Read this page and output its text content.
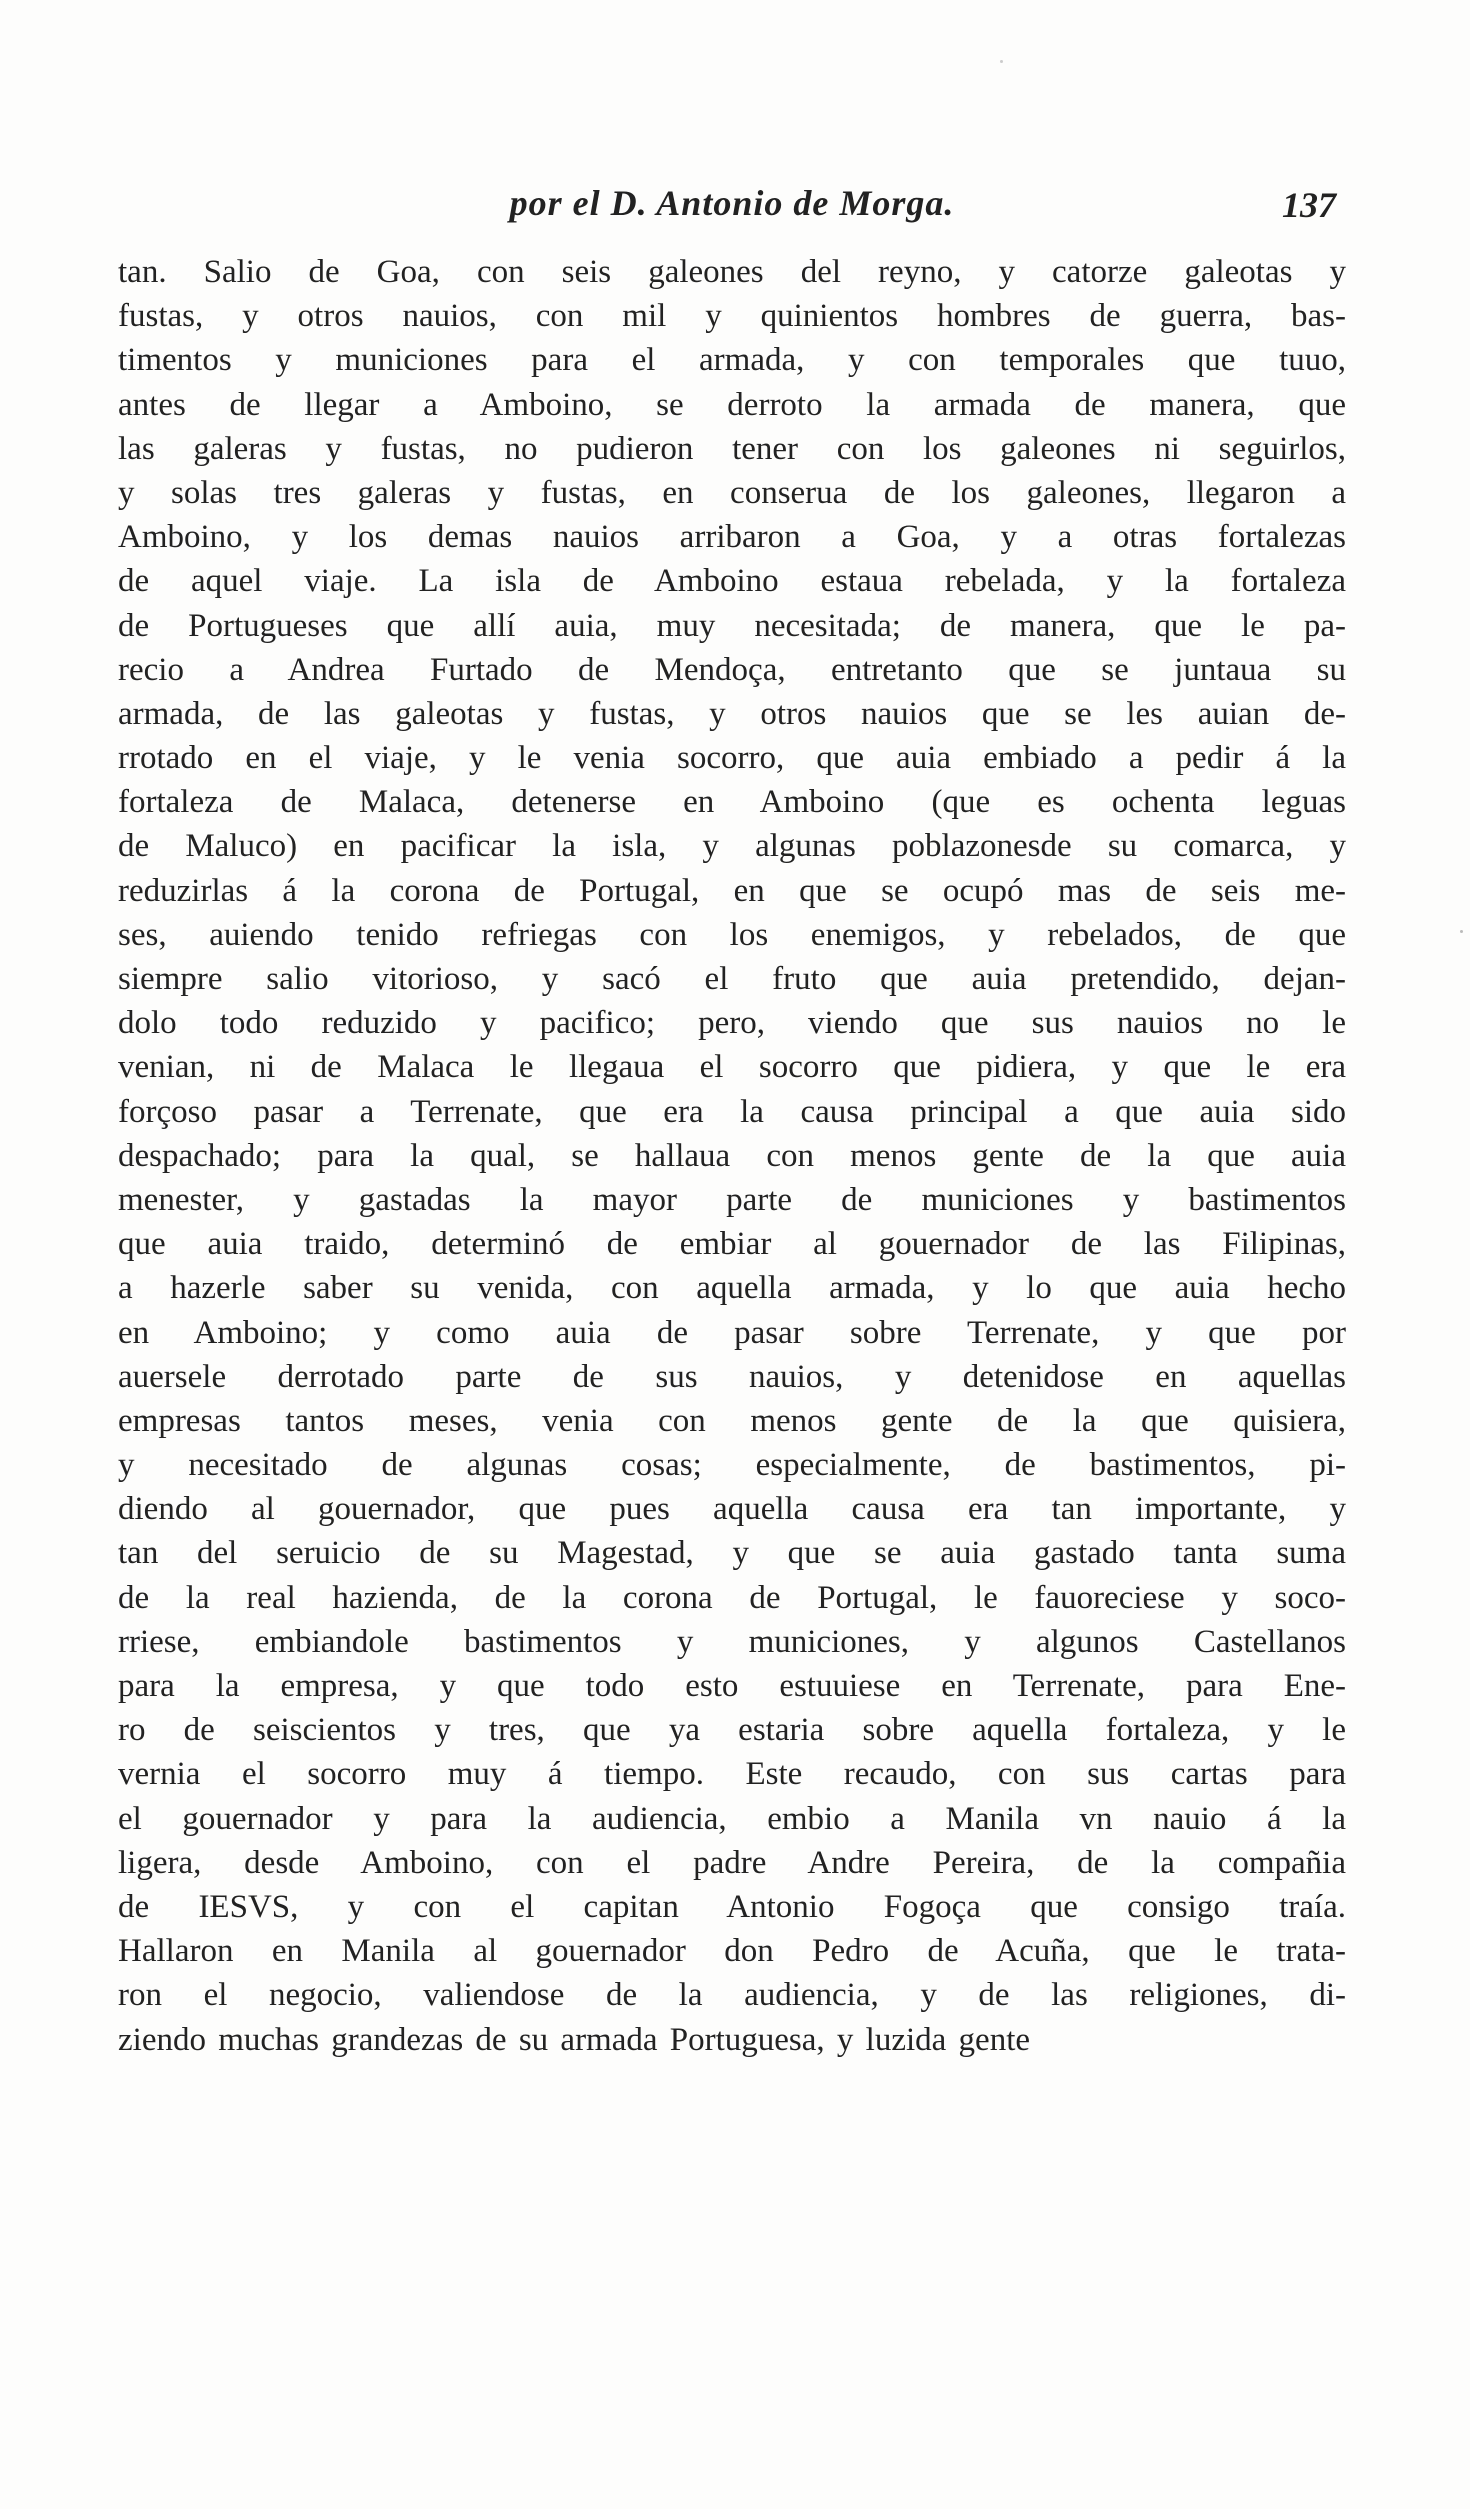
por el D. Antonio de Morga.	137
tan. Salio de Goa, con seis galeones del reyno, y catorze galeotas y
fustas, y otros nauios, con mil y quinientos hombres de guerra, bas-
timentos y municiones para el armada, y con temporales que tuuo,
antes de llegar a Amboino, se derroto la armada de manera, que
las galeras y fustas, no pudieron tener con los galeones ni seguirlos,
y solas tres galeras y fustas, en conserua de los galeones, llegaron a
Amboino, y los demas nauios arribaron a Goa, y a otras fortalezas
de aquel viaje. La isla de Amboino estaua rebelada, y la fortaleza
de Portugueses que allí auia, muy necesitada; de manera, que le pa-
recio a Andrea Furtado de Mendoça, entretanto que se juntaua su
armada, de las galeotas y fustas, y otros nauios que se les auian de-
rrotado en el viaje, y le venia socorro, que auia embiado a pedir á la
fortaleza de Malaca, detenerse en Amboino (que es ochenta leguas
de Maluco) en pacificar la isla, y algunas poblazonesde su comarca, y
reduzirlas á la corona de Portugal, en que se ocupó mas de seis me-
ses, auiendo tenido refriegas con los enemigos, y rebelados, de que
siempre salio vitorioso, y sacó el fruto que auia pretendido, dejan-
dolo todo reduzido y pacifico; pero, viendo que sus nauios no le
venian, ni de Malaca le llegaua el socorro que pidiera, y que le era
forçoso pasar a Terrenate, que era la causa principal a que auia sido
despachado; para la qual, se hallaua con menos gente de la que auia
menester, y gastadas la mayor parte de municiones y bastimentos
que auia traido, determinó de embiar al gouernador de las Filipinas,
a hazerle saber su venida, con aquella armada, y lo que auia hecho
en Amboino; y como auia de pasar sobre Terrenate, y que por
auersele derrotado parte de sus nauios, y detenidose en aquellas
empresas tantos meses, venia con menos gente de la que quisiera,
y necesitado de algunas cosas; especialmente, de bastimentos, pi-
diendo al gouernador, que pues aquella causa era tan importante, y
tan del seruicio de su Magestad, y que se auia gastado tanta suma
de la real hazienda, de la corona de Portugal, le fauoreciese y soco-
rriese, embiandole bastimentos y municiones, y algunos Castellanos
para la empresa, y que todo esto estuuiese en Terrenate, para Ene-
ro de seiscientos y tres, que ya estaria sobre aquella fortaleza, y le
vernia el socorro muy á tiempo. Este recaudo, con sus cartas para
el gouernador y para la audiencia, embio a Manila vn nauio á la
ligera, desde Amboino, con el padre Andre Pereira, de la compañia
de IESVS, y con el capitan Antonio Fogoça que consigo traía.
Hallaron en Manila al gouernador don Pedro de Acuña, que le trata-
ron el negocio, valiendose de la audiencia, y de las religiones, di-
ziendo muchas grandezas de su armada Portuguesa, y luzida gente
